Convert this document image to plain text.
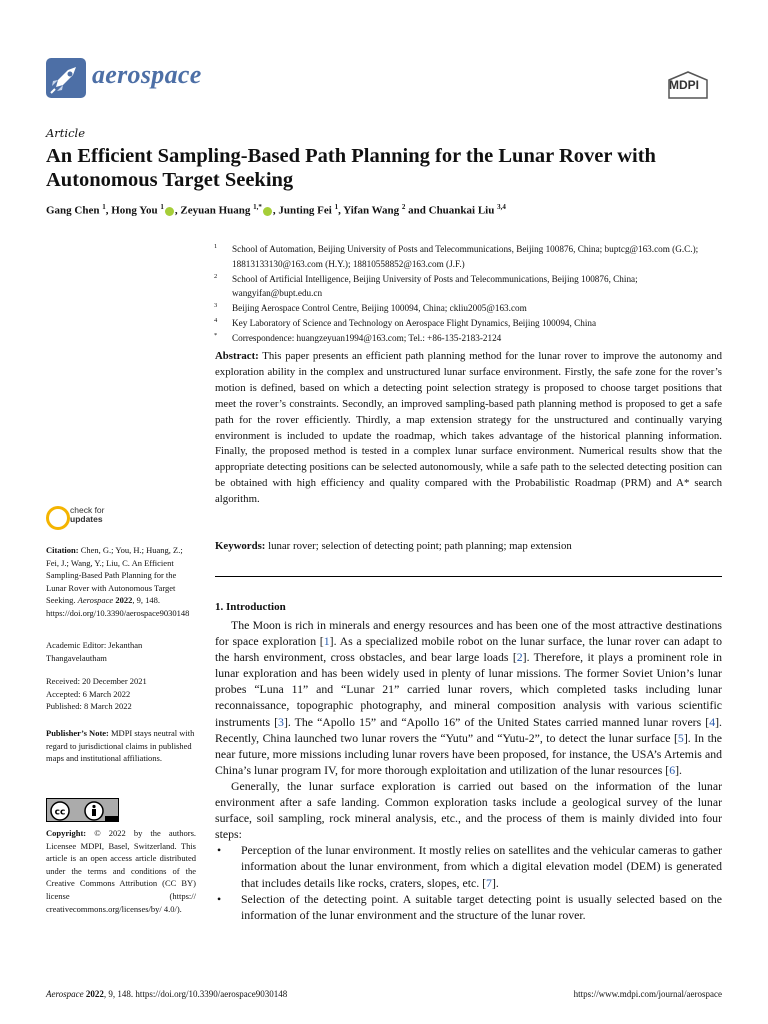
aerospace	MDPI
Article
An Efficient Sampling-Based Path Planning for the Lunar Rover with Autonomous Target Seeking
Gang Chen $^1$, Hong You $^1$ , Zeyuan Huang $^{1,*}$ , Junting Fei $^1$, Yifan Wang $^2$ and Chuankai Liu $^{3,4}$
1 School of Automation, Beijing University of Posts and Telecommunications, Beijing 100876, China; buptcg@163.com (G.C.); 18813133130@163.com (H.Y.); 18810558852@163.com (J.F.)
2 School of Artificial Intelligence, Beijing University of Posts and Telecommunications, Beijing 100876, China; wangyifan@bupt.edu.cn
3 Beijing Aerospace Control Centre, Beijing 100094, China; ckliu2005@163.com
4 Key Laboratory of Science and Technology on Aerospace Flight Dynamics, Beijing 100094, China
* Correspondence: huangzeyuan1994@163.com; Tel.: +86-135-2183-2124
Abstract: This paper presents an efficient path planning method for the lunar rover to improve the autonomy and exploration ability in the complex and unstructured lunar surface environment. Firstly, the safe zone for the rover’s motion is defined, based on which a detecting point selection strategy is proposed to choose target positions that meet the rover’s constraints. Secondly, an improved sampling-based path planning method is proposed to get a safe path for the rover efficiently. Thirdly, a map extension strategy for the unstructured and continually varying environment is included to update the roadmap, which takes advantage of the historical planning information. Finally, the proposed method is tested in a complex lunar surface environment. Numerical results show that the appropriate detecting positions can be selected autonomously, while a safe path to the selected detecting position can be obtained with high efficiency and quality compared with the Probabilistic Roadmap (PRM) and A* search algorithm.
Keywords: lunar rover; selection of detecting point; path planning; map extension
1. Introduction

The Moon is rich in minerals and energy resources and has been one of the most attractive destinations for space exploration [1]. As a specialized mobile robot on the lunar surface, the lunar rover can adapt to the harsh environment, cross obstacles, and bear large loads [2]. Therefore, it plays a prominent role in lunar exploration and has been widely used in plenty of lunar missions. The former Soviet Union’s lunar probes “Luna 11” and “Lunar 21” carried lunar rovers, which completed tasks including lunar reconnaissance, topographic photography, and mineral composition analysis with various scientific instruments [3]. The “Apollo 15” and “Apollo 16” of the United States carried manned lunar rovers [4]. Recently, China launched two lunar rovers the “Yutu” and “Yutu-2”, to detect the lunar surface [5]. In the near future, more missions including lunar rovers have been proposed, for instance, the USA’s Artemis and China’s lunar program IV, for more thorough exploitation and utilization of the lunar resources [6].

Generally, the lunar surface exploration is carried out based on the information of the lunar environment after a safe landing. Common exploration tasks include a geological survey of the lunar surface, soil sampling, rock mineral analysis, etc., and the process of them is mainly divided into four steps:

• Perception of the lunar environment. It mostly relies on satellites and the vehicular cameras to gather information about the lunar environment, from which a digital elevation model (DEM) is generated that includes details like rocks, craters, slopes, etc. [7].
• Selection of the detecting point. A suitable target detecting point is usually selected based on the information of the lunar environment and the structure of the lunar rover.
check for
updates
Citation: Chen, G.; You, H.; Huang, Z.; Fei, J.; Wang, Y.; Liu, C. An Efficient Sampling-Based Path Planning for the Lunar Rover with Autonomous Target Seeking. Aerospace 2022, 9, 148. https://doi.org/10.3390/aerospace9030148
Academic Editor: Jekanthan Thangavelautham
Received: 20 December 2021
Accepted: 6 March 2022
Published: 8 March 2022
Publisher’s Note: MDPI stays neutral with regard to jurisdictional claims in published maps and institutional affiliations.
cc
Copyright: © 2022 by the authors. Licensee MDPI, Basel, Switzerland. This article is an open access article distributed under the terms and conditions of the Creative Commons Attribution (CC BY) license (https:// creativecommons.org/licenses/by/ 4.0/).
Aerospace 2022, 9, 148. https://doi.org/10.3390/aerospace9030148	https://www.mdpi.com/journal/aerospace
